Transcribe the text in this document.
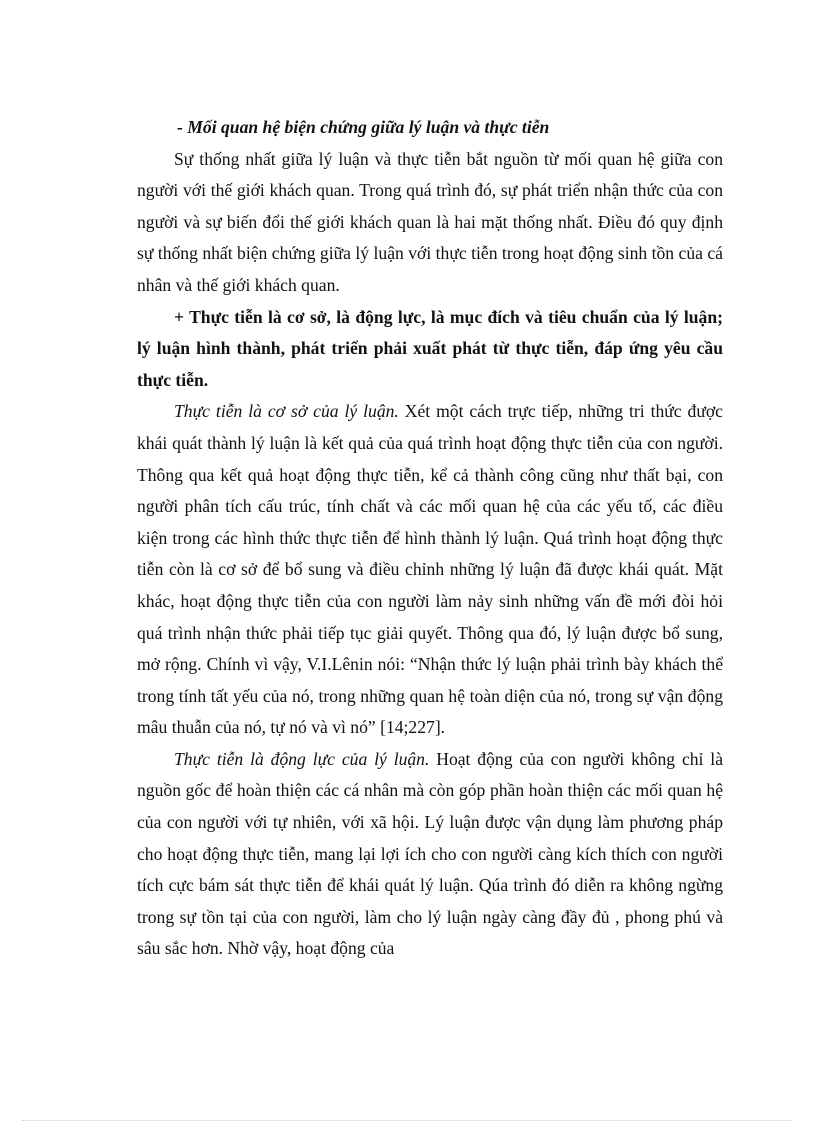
- Mối quan hệ biện chứng giữa lý luận và thực tiễn

Sự thống nhất giữa lý luận và thực tiễn bắt nguồn từ mối quan hệ giữa con người với thế giới khách quan. Trong quá trình đó, sự phát triển nhận thức của con người và sự biến đổi thế giới khách quan là hai mặt thống nhất. Điều đó quy định sự thống nhất biện chứng giữa lý luận với thực tiễn trong hoạt động sinh tồn của cá nhân và thế giới khách quan.

+ Thực tiễn là cơ sở, là động lực, là mục đích và tiêu chuẩn của lý luận; lý luận hình thành, phát triển phải xuất phát từ thực tiễn, đáp ứng yêu cầu thực tiễn.

Thực tiễn là cơ sở của lý luận. Xét một cách trực tiếp, những tri thức được khái quát thành lý luận là kết quả của quá trình hoạt động thực tiễn của con người. Thông qua kết quả hoạt động thực tiễn, kể cả thành công cũng như thất bại, con người phân tích cấu trúc, tính chất và các mối quan hệ của các yếu tố, các điều kiện trong các hình thức thực tiễn để hình thành lý luận. Quá trình hoạt động thực tiễn còn là cơ sở để bổ sung và điều chỉnh những lý luận đã được khái quát. Mặt khác, hoạt động thực tiễn của con người làm nảy sinh những vấn đề mới đòi hỏi quá trình nhận thức phải tiếp tục giải quyết. Thông qua đó, lý luận được bổ sung, mở rộng. Chính vì vậy, V.I.Lênin nói: “Nhận thức lý luận phải trình bày khách thể trong tính tất yếu của nó, trong những quan hệ toàn diện của nó, trong sự vận động mâu thuẫn của nó, tự nó và vì nó” [14;227].

Thực tiễn là động lực của lý luận. Hoạt động của con người không chỉ là nguồn gốc để hoàn thiện các cá nhân mà còn góp phần hoàn thiện các mối quan hệ của con người với tự nhiên, với xã hội. Lý luận được vận dụng làm phương pháp cho hoạt động thực tiễn, mang lại lợi ích cho con người càng kích thích con người tích cực bám sát thực tiễn để khái quát lý luận. Qúa trình đó diễn ra không ngừng trong sự tồn tại của con người, làm cho lý luận ngày càng đầy đủ , phong phú và sâu sắc hơn. Nhờ vậy, hoạt động của
